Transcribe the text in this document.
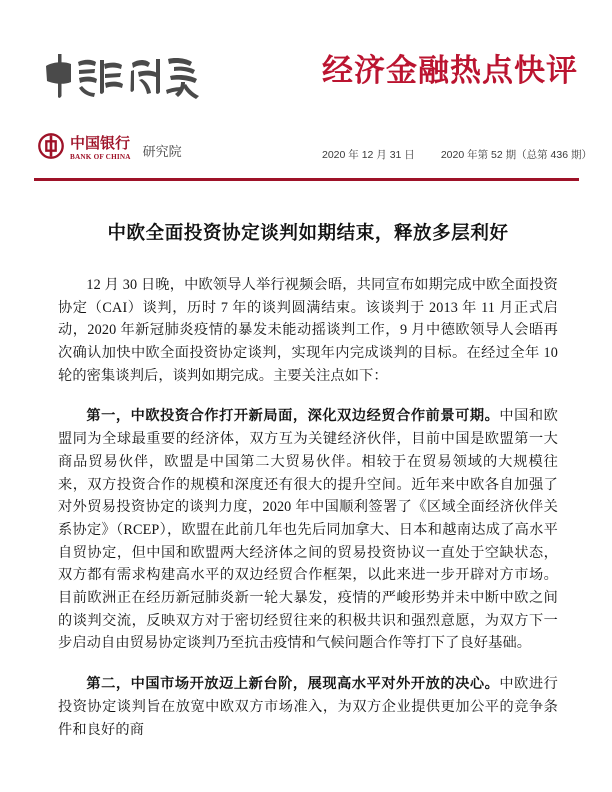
经济金融热点快评
中国银行
BANK OF CHINA 研究院	2020 年 12 月 31 日 2020 年第 52 期（总第 436 期）
中欧全面投资协定谈判如期结束，释放多层利好

12 月 30 日晚，中欧领导人举行视频会晤，共同宣布如期完成中欧全面投资协定（CAI）谈判，历时 7 年的谈判圆满结束。该谈判于 2013 年 11 月正式启动，2020 年新冠肺炎疫情的暴发未能动摇谈判工作，9 月中德欧领导人会晤再次确认加快中欧全面投资协定谈判，实现年内完成谈判的目标。在经过全年 10 轮的密集谈判后，谈判如期完成。主要关注点如下：

第一，中欧投资合作打开新局面，深化双边经贸合作前景可期。中国和欧盟同为全球最重要的经济体，双方互为关键经济伙伴，目前中国是欧盟第一大商品贸易伙伴，欧盟是中国第二大贸易伙伴。相较于在贸易领域的大规模往来，双方投资合作的规模和深度还有很大的提升空间。近年来中欧各自加强了对外贸易投资协定的谈判力度，2020 年中国顺利签署了《区域全面经济伙伴关系协定》（RCEP），欧盟在此前几年也先后同加拿大、日本和越南达成了高水平自贸协定，但中国和欧盟两大经济体之间的贸易投资协议一直处于空缺状态，双方都有需求构建高水平的双边经贸合作框架，以此来进一步开辟对方市场。目前欧洲正在经历新冠肺炎新一轮大暴发，疫情的严峻形势并未中断中欧之间的谈判交流，反映双方对于密切经贸往来的积极共识和强烈意愿，为双方下一步启动自由贸易协定谈判乃至抗击疫情和气候问题合作等打下了良好基础。

第二，中国市场开放迈上新台阶，展现高水平对外开放的决心。中欧进行投资协定谈判旨在放宽中欧双方市场准入，为双方企业提供更加公平的竞争条件和良好的商
